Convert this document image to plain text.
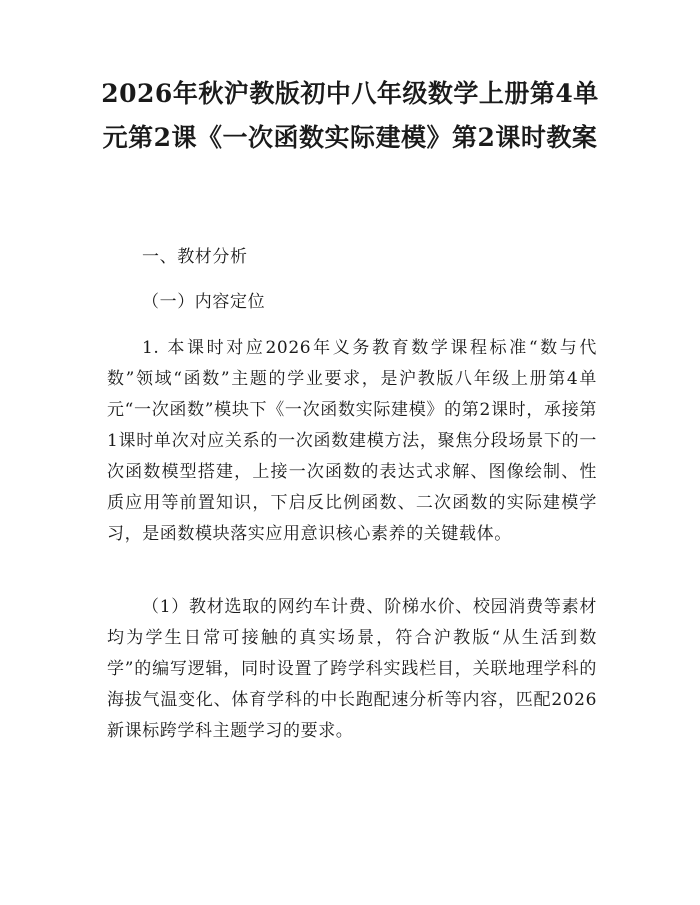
2026年秋沪教版初中八年级数学上册第4单元第2课《一次函数实际建模》第2课时教案

一、教材分析

（一）内容定位

1. 本课时对应2026年义务教育数学课程标准“数与代数”领域“函数”主题的学业要求，是沪教版八年级上册第4单元“一次函数”模块下《一次函数实际建模》的第2课时，承接第1课时单次对应关系的一次函数建模方法，聚焦分段场景下的一次函数模型搭建，上接一次函数的表达式求解、图像绘制、性质应用等前置知识，下启反比例函数、二次函数的实际建模学习，是函数模块落实应用意识核心素养的关键载体。

（1）教材选取的网约车计费、阶梯水价、校园消费等素材均为学生日常可接触的真实场景，符合沪教版“从生活到数学”的编写逻辑，同时设置了跨学科实践栏目，关联地理学科的海拔气温变化、体育学科的中长跑配速分析等内容，匹配2026新课标跨学科主题学习的要求。
